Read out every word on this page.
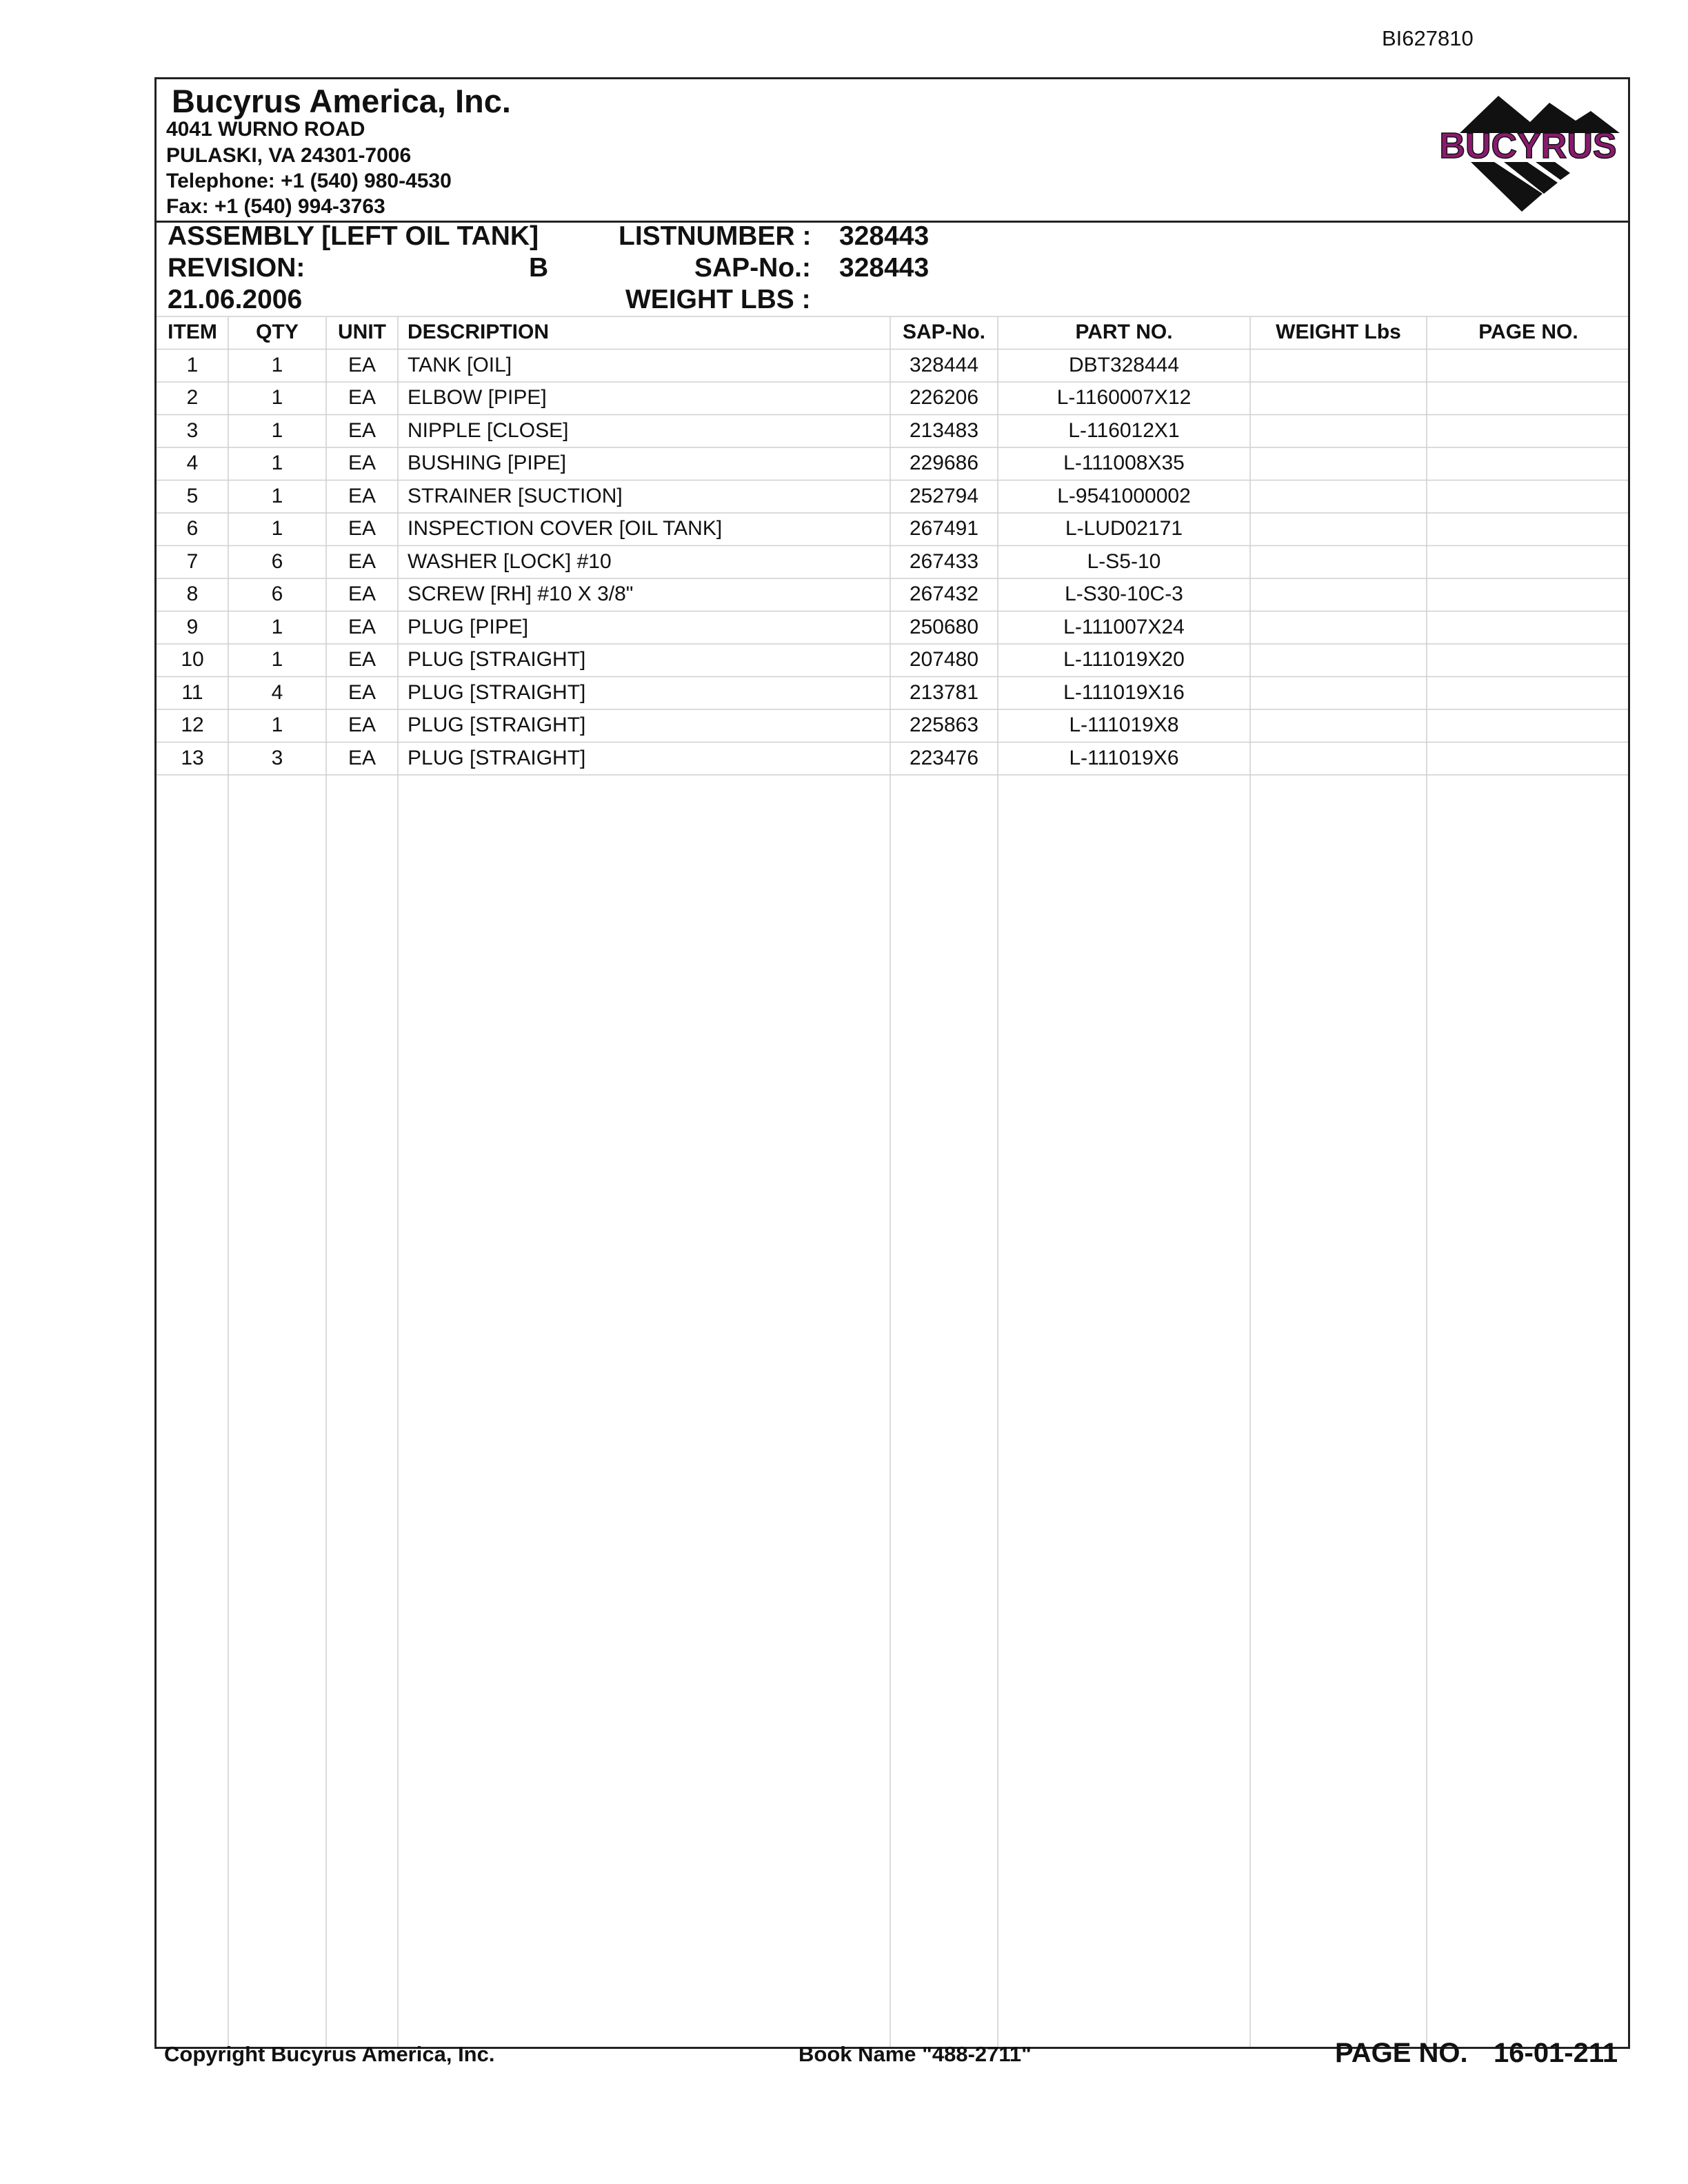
BI627810
Bucyrus America, Inc.
4041 WURNO ROAD
PULASKI, VA 24301-7006
Telephone: +1 (540) 980-4530
Fax: +1 (540) 994-3763
BUCYRUS
ASSEMBLY [LEFT OIL TANK]	LISTNUMBER : 328443
REVISION:	B	SAP-No.: 328443
21.06.2006	WEIGHT LBS :
ITEM	QTY	UNIT	DESCRIPTION	SAP-No.	PART NO.	WEIGHT Lbs	PAGE NO.
1	1	EA	TANK [OIL]	328444	DBT328444
2	1	EA	ELBOW [PIPE]	226206	L-1160007X12
3	1	EA	NIPPLE [CLOSE]	213483	L-116012X1
4	1	EA	BUSHING [PIPE]	229686	L-111008X35
5	1	EA	STRAINER [SUCTION]	252794	L-9541000002
6	1	EA	INSPECTION COVER [OIL TANK]	267491	L-LUD02171
7	6	EA	WASHER [LOCK] #10	267433	L-S5-10
8	6	EA	SCREW [RH] #10 X 3/8"	267432	L-S30-10C-3
9	1	EA	PLUG [PIPE]	250680	L-111007X24
10	1	EA	PLUG [STRAIGHT]	207480	L-111019X20
11	4	EA	PLUG [STRAIGHT]	213781	L-111019X16
12	1	EA	PLUG [STRAIGHT]	225863	L-111019X8
13	3	EA	PLUG [STRAIGHT]	223476	L-111019X6
Copyright Bucyrus America, Inc.	Book Name "488-2711"	PAGE NO. 16-01-211
